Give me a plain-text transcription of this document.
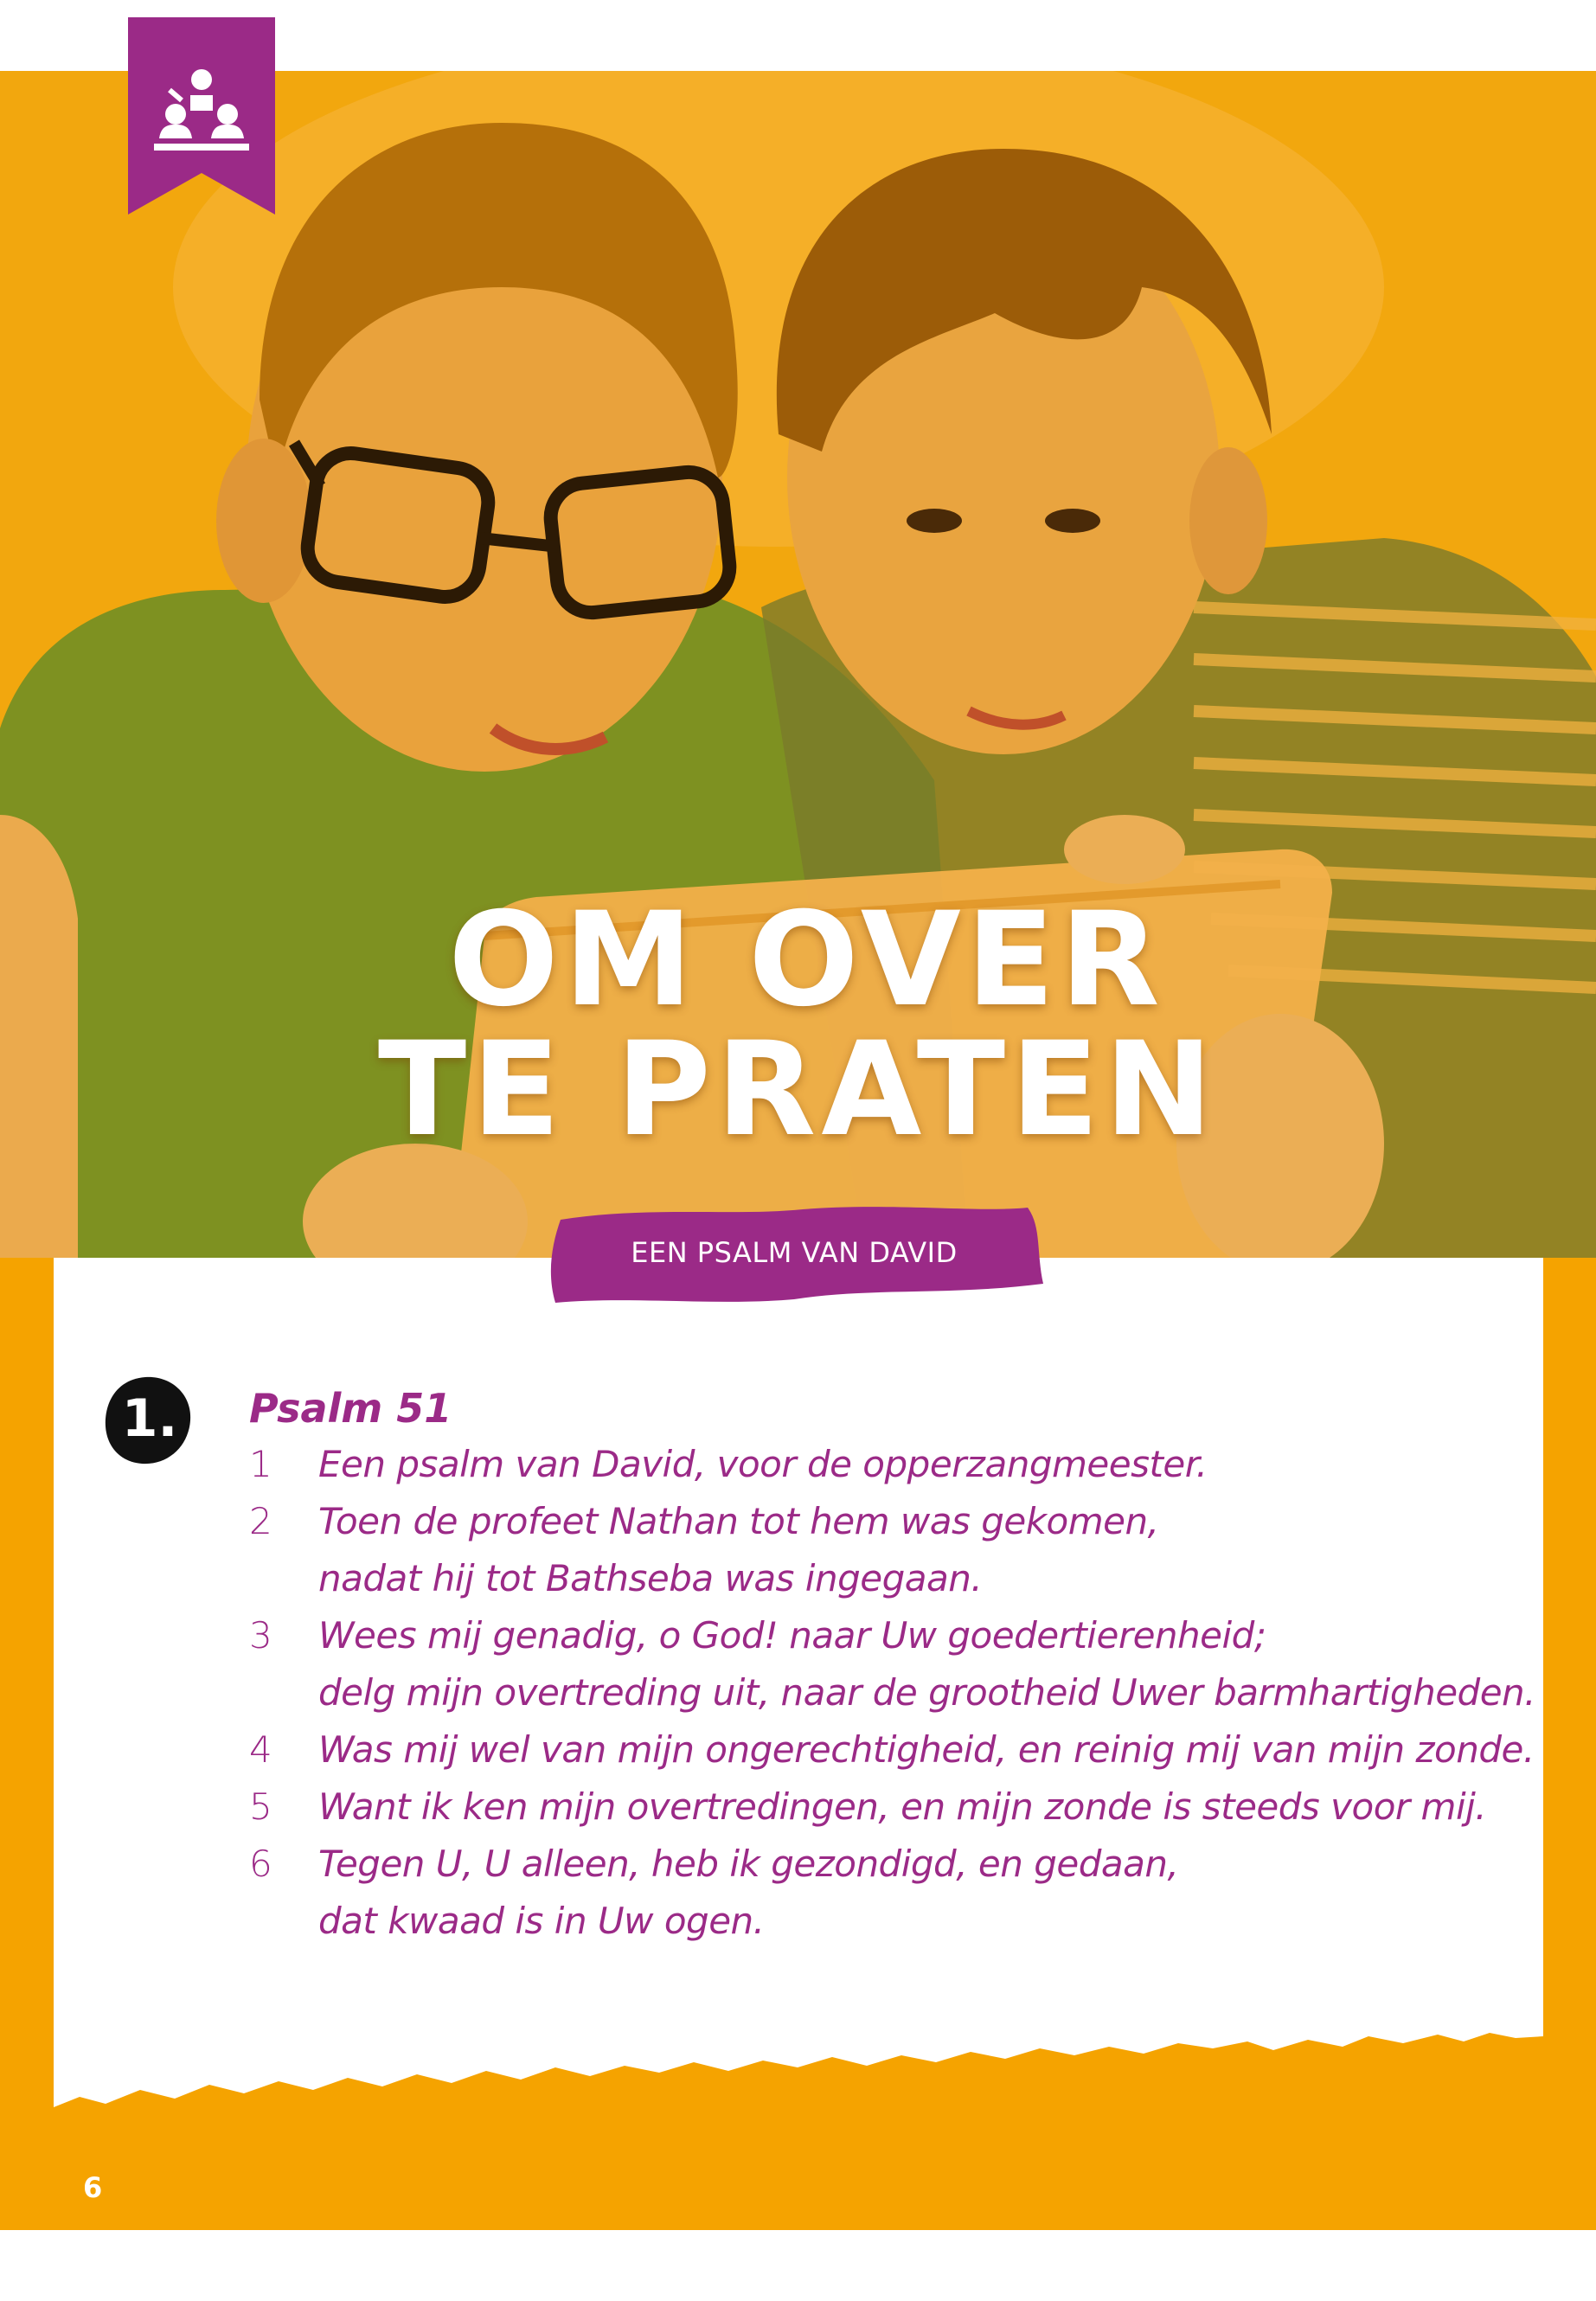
OM OVER
TE PRATEN
EEN PSALM VAN DAVID
1. Psalm 51
1	Een psalm van David, voor de opperzangmeester.
2	Toen de profeet Nathan tot hem was gekomen,
nadat hij tot Bathseba was ingegaan.
3	Wees mij genadig, o God! naar Uw goedertierenheid;
delg mijn overtreding uit, naar de grootheid Uwer barmhartigheden.
4	Was mij wel van mijn ongerechtigheid, en reinig mij van mijn zonde.
5	Want ik ken mijn overtredingen, en mijn zonde is steeds voor mij.
6	Tegen U, U alleen, heb ik gezondigd, en gedaan,
dat kwaad is in Uw ogen.
6
